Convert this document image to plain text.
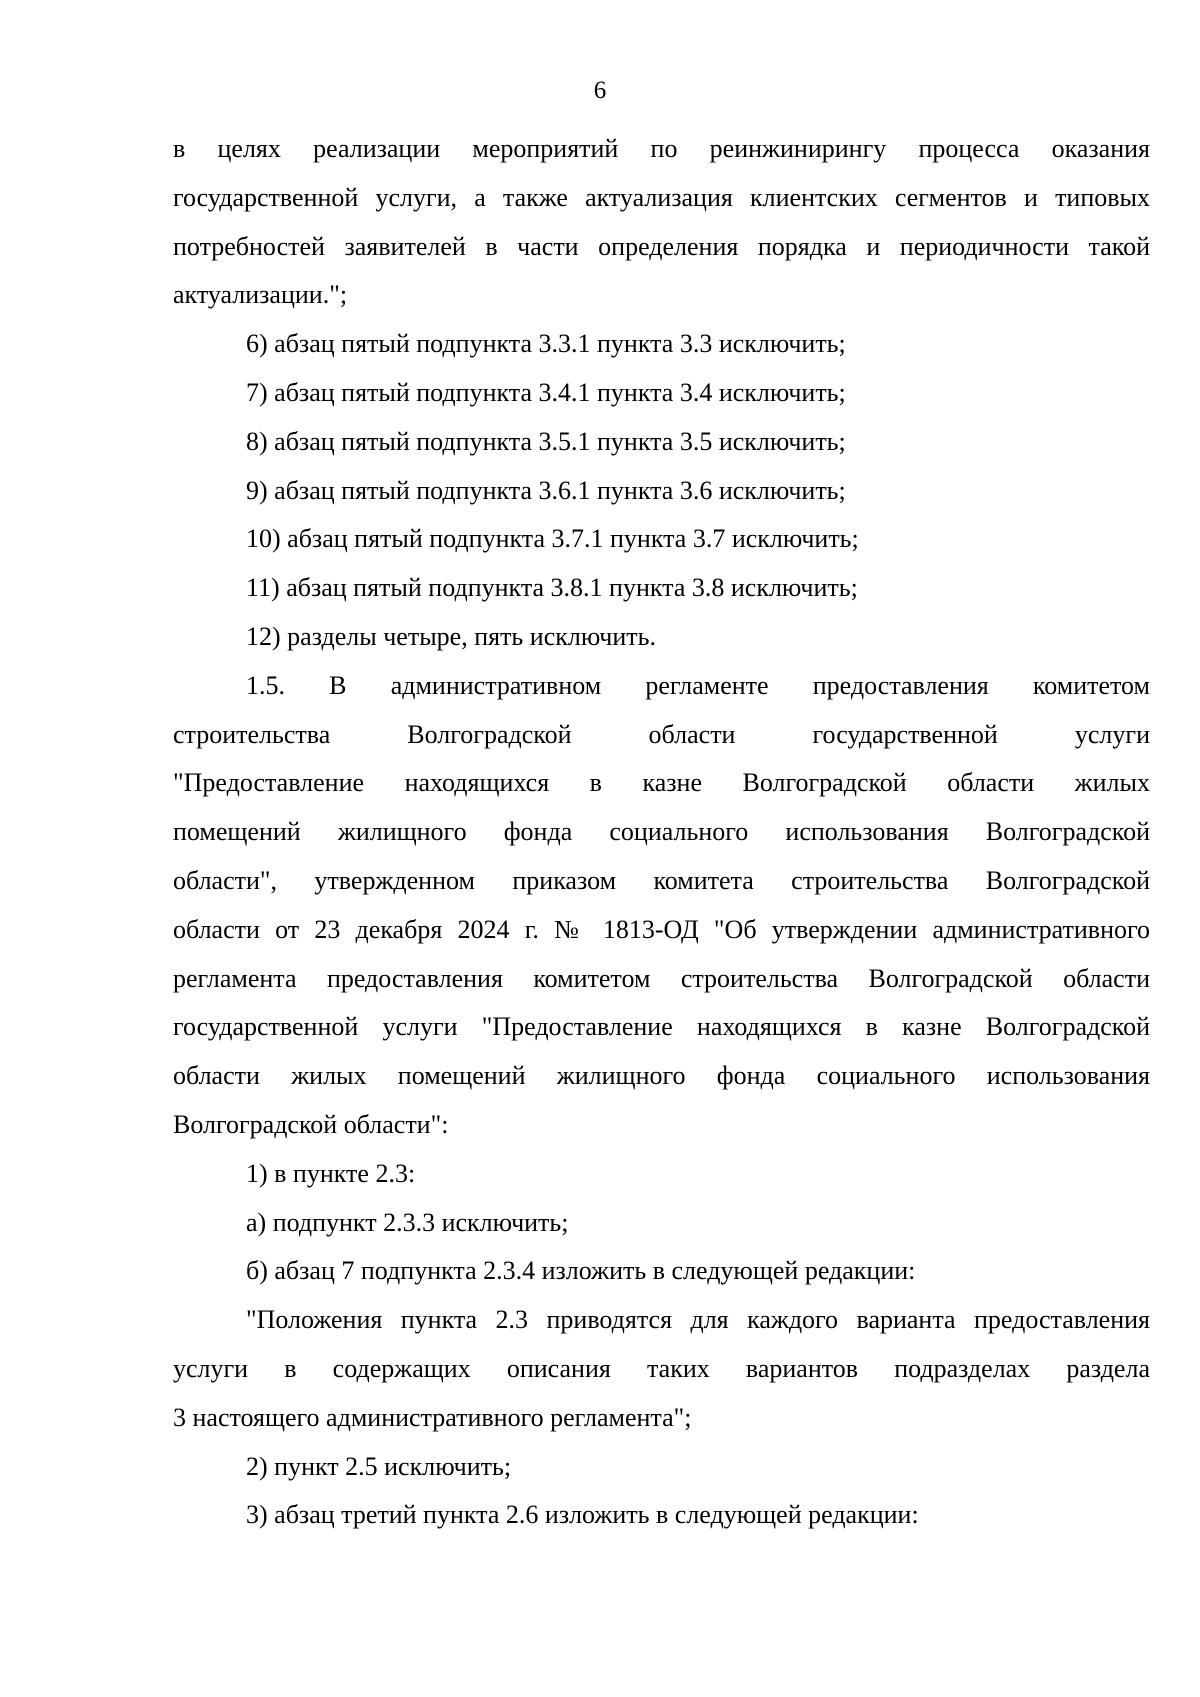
6
в целях реализации мероприятий по реинжинирингу процесса оказания
государственной услуги, а также актуализация клиентских сегментов и типовых
потребностей заявителей в части определения порядка и периодичности такой
актуализации.";
6) абзац пятый подпункта 3.3.1 пункта 3.3 исключить;
7) абзац пятый подпункта 3.4.1 пункта 3.4 исключить;
8) абзац пятый подпункта 3.5.1 пункта 3.5 исключить;
9) абзац пятый подпункта 3.6.1 пункта 3.6 исключить;
10) абзац пятый подпункта 3.7.1 пункта 3.7 исключить;
11) абзац пятый подпункта 3.8.1 пункта 3.8 исключить;
12) разделы четыре, пять исключить.
1.5. В административном регламенте предоставления комитетом
строительства Волгоградской области государственной услуги
"Предоставление находящихся в казне Волгоградской области жилых
помещений жилищного фонда социального использования Волгоградской
области", утвержденном приказом комитета строительства Волгоградской
области от 23 декабря 2024 г. № 1813-ОД "Об утверждении административного
регламента предоставления комитетом строительства Волгоградской области
государственной услуги "Предоставление находящихся в казне Волгоградской
области жилых помещений жилищного фонда социального использования
Волгоградской области":
1) в пункте 2.3:
а) подпункт 2.3.3 исключить;
б) абзац 7 подпункта 2.3.4 изложить в следующей редакции:
"Положения пункта 2.3 приводятся для каждого варианта предоставления
услуги в содержащих описания таких вариантов подразделах раздела
3 настоящего административного регламента";
2) пункт 2.5 исключить;
3) абзац третий пункта 2.6 изложить в следующей редакции:
